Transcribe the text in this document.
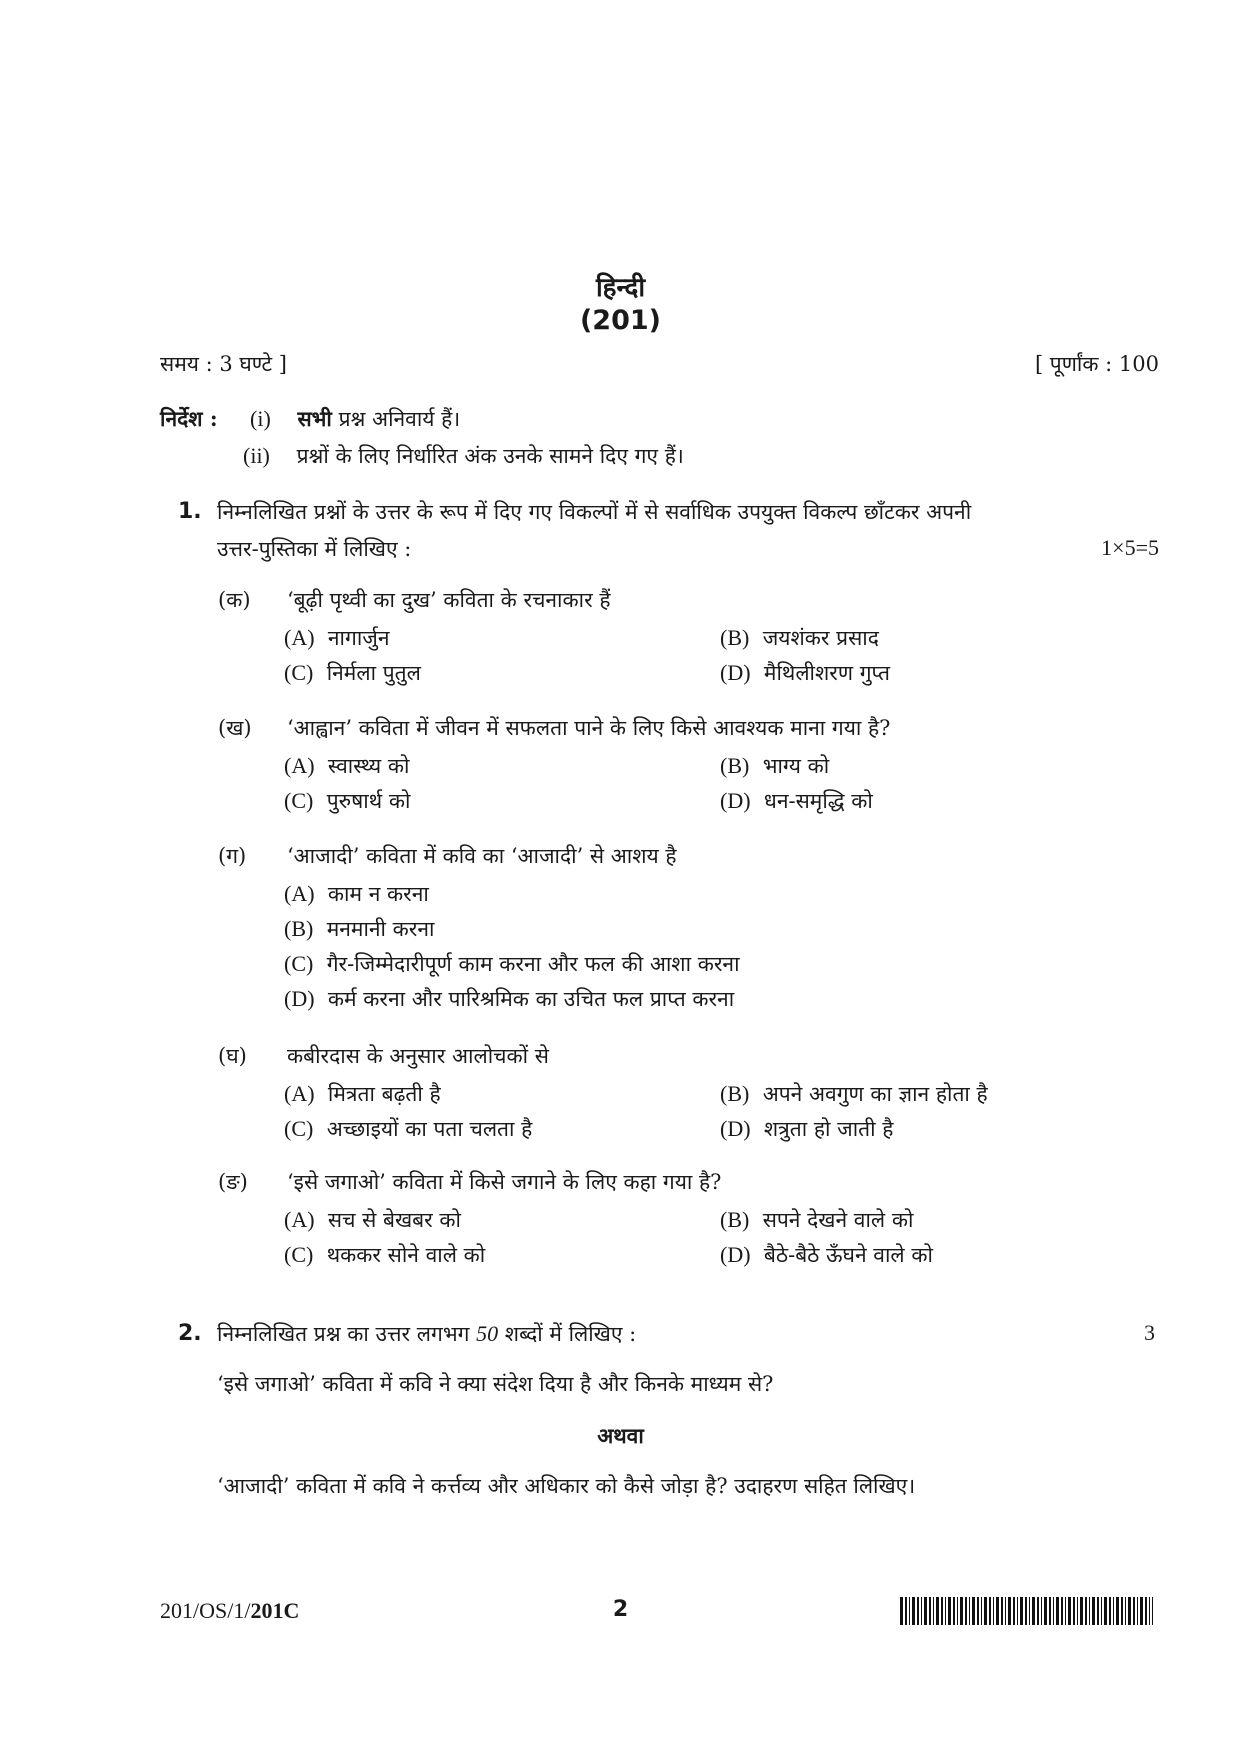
हिन्दी
(201)
समय : 3 घण्टे ]	[ पूर्णांक : 100
निर्देश : (i) सभी प्रश्न अनिवार्य हैं।
(ii) प्रश्नों के लिए निर्धारित अंक उनके सामने दिए गए हैं।
1. निम्नलिखित प्रश्नों के उत्तर के रूप में दिए गए विकल्पों में से सर्वाधिक उपयुक्त विकल्प छाँटकर अपनी
उत्तर-पुस्तिका में लिखिए :	1×5=5
(क) ‘बूढ़ी पृथ्वी का दुख’ कविता के रचनाकार हैं
(A) नागार्जुन	(B) जयशंकर प्रसाद
(C) निर्मला पुतुल	(D) मैथिलीशरण गुप्त
(ख) ‘आह्वान’ कविता में जीवन में सफलता पाने के लिए किसे आवश्यक माना गया है?
(A) स्वास्थ्य को	(B) भाग्य को
(C) पुरुषार्थ को	(D) धन-समृद्धि को
(ग) ‘आजादी’ कविता में कवि का ‘आजादी’ से आशय है
(A) काम न करना
(B) मनमानी करना
(C) गैर-जिम्मेदारीपूर्ण काम करना और फल की आशा करना
(D) कर्म करना और पारिश्रमिक का उचित फल प्राप्त करना
(घ) कबीरदास के अनुसार आलोचकों से
(A) मित्रता बढ़ती है	(B) अपने अवगुण का ज्ञान होता है
(C) अच्छाइयों का पता चलता है	(D) शत्रुता हो जाती है
(ङ) ‘इसे जगाओ’ कविता में किसे जगाने के लिए कहा गया है?
(A) सच से बेखबर को	(B) सपने देखने वाले को
(C) थककर सोने वाले को	(D) बैठे-बैठे ऊँघने वाले को
2. निम्नलिखित प्रश्न का उत्तर लगभग 50 शब्दों में लिखिए :	3
‘इसे जगाओ’ कविता में कवि ने क्या संदेश दिया है और किनके माध्यम से?
अथवा
‘आजादी’ कविता में कवि ने कर्त्तव्य और अधिकार को कैसे जोड़ा है? उदाहरण सहित लिखिए।
201/OS/1/201C	2
